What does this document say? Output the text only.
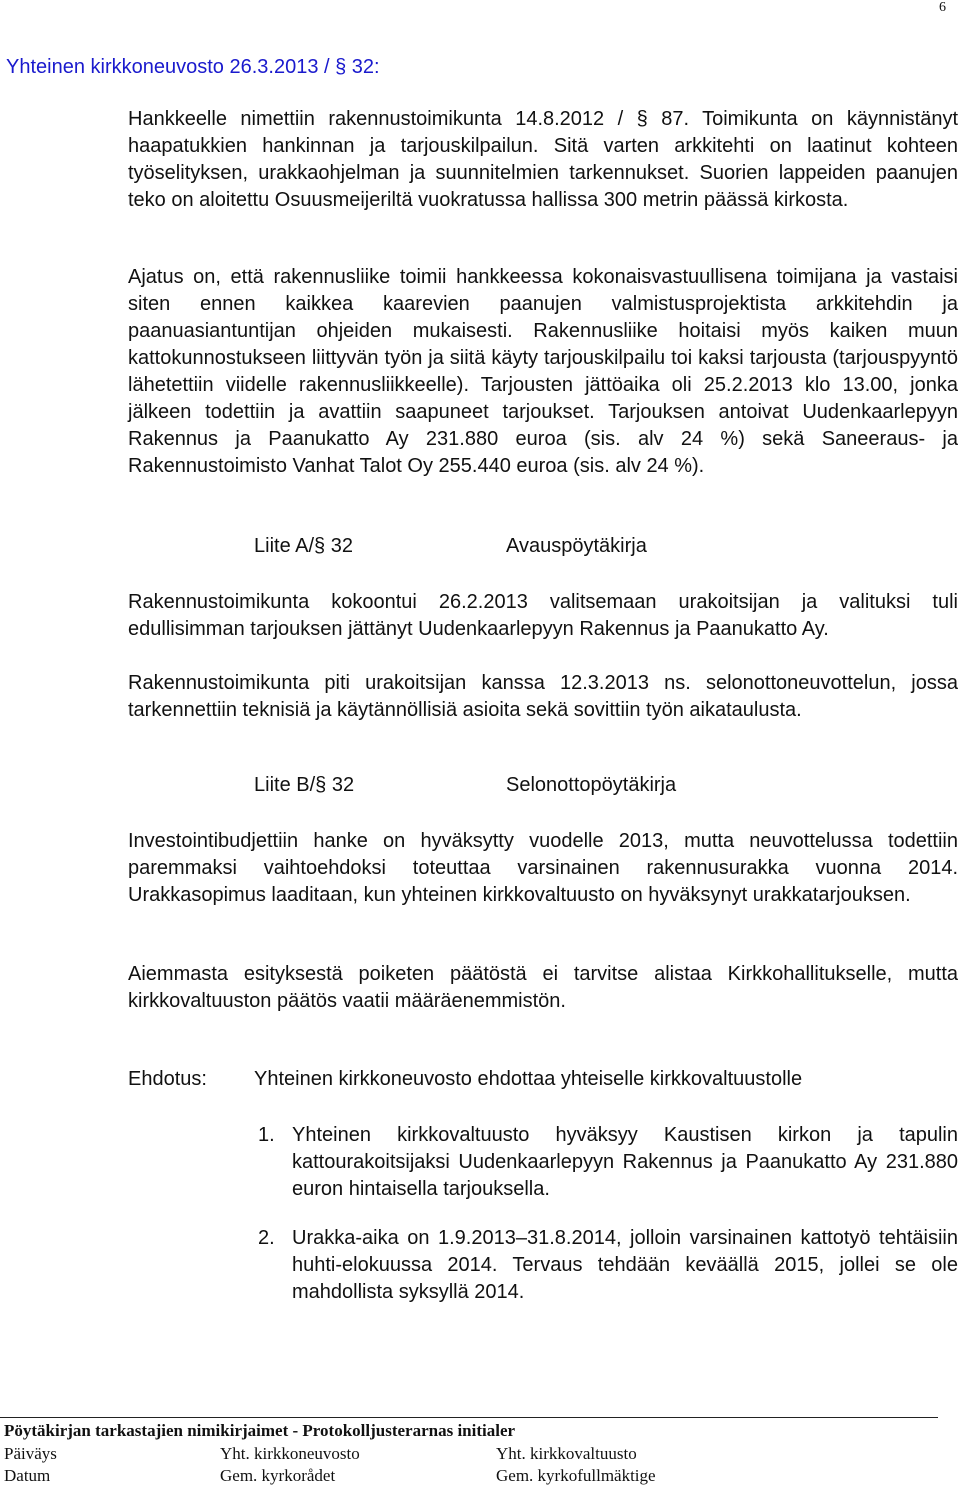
6
Yhteinen kirkkoneuvosto 26.3.2013 / § 32:
Hankkeelle nimettiin rakennustoimikunta 14.8.2012 / § 87. Toimikunta on käynnistänyt haapatukkien hankinnan ja tarjouskilpailun. Sitä varten arkkitehti on laatinut kohteen työselityksen, urakkaohjelman ja suunnitelmien tarkennukset. Suorien lappeiden paanujen teko on aloitettu Osuusmeijeriltä vuokratussa hallissa 300 metrin päässä kirkosta.
Ajatus on, että rakennusliike toimii hankkeessa kokonaisvastuullisena toimijana ja vastaisi siten ennen kaikkea kaarevien paanujen valmistusprojektista arkkitehdin ja paanuasiantuntijan ohjeiden mukaisesti. Rakennusliike hoitaisi myös kaiken muun kattokunnostukseen liittyvän työn ja siitä käyty tarjouskilpailu toi kaksi tarjousta (tarjouspyyntö lähetettiin viidelle rakennusliikkeelle). Tarjousten jättöaika oli 25.2.2013 klo 13.00, jonka jälkeen todettiin ja avattiin saapuneet tarjoukset. Tarjouksen antoivat Uudenkaarlepyyn Rakennus ja Paanukatto Ay 231.880 euroa (sis. alv 24 %) sekä Saneeraus- ja Rakennustoimisto Vanhat Talot Oy 255.440 euroa (sis. alv 24 %).
Liite A/§ 32	Avauspöytäkirja
Rakennustoimikunta kokoontui 26.2.2013 valitsemaan urakoitsijan ja valituksi tuli edullisimman tarjouksen jättänyt Uudenkaarlepyyn Rakennus ja Paanukatto Ay.
Rakennustoimikunta piti urakoitsijan kanssa 12.3.2013 ns. selonottoneuvottelun, jossa tarkennettiin teknisiä ja käytännöllisiä asioita sekä sovittiin työn aikataulusta.
Liite B/§ 32	Selonottopöytäkirja
Investointibudjettiin hanke on hyväksytty vuodelle 2013, mutta neuvottelussa todettiin paremmaksi vaihtoehdoksi toteuttaa varsinainen rakennusurakka vuonna 2014. Urakkasopimus laaditaan, kun yhteinen kirkkovaltuusto on hyväksynyt urakkatarjouksen.
Aiemmasta esityksestä poiketen päätöstä ei tarvitse alistaa Kirkkohallitukselle, mutta kirkkovaltuuston päätös vaatii määräenemmistön.
Ehdotus: Yhteinen kirkkoneuvosto ehdottaa yhteiselle kirkkovaltuustolle
1. Yhteinen kirkkovaltuusto hyväksyy Kaustisen kirkon ja tapulin kattourakoitsijaksi Uudenkaarlepyyn Rakennus ja Paanukatto Ay 231.880 euron hintaisella tarjouksella.
2. Urakka-aika on 1.9.2013–31.8.2014, jolloin varsinainen kattotyö tehtäisiin huhti-elokuussa 2014. Tervaus tehdään keväällä 2015, jollei se ole mahdollista syksyllä 2014.
Pöytäkirjan tarkastajien nimikirjaimet - Protokolljusterarnas initialer
Päiväys
Datum
Yht. kirkkoneuvosto
Gem. kyrkorådet
Yht. kirkkovaltuusto
Gem. kyrkofullmäktige
